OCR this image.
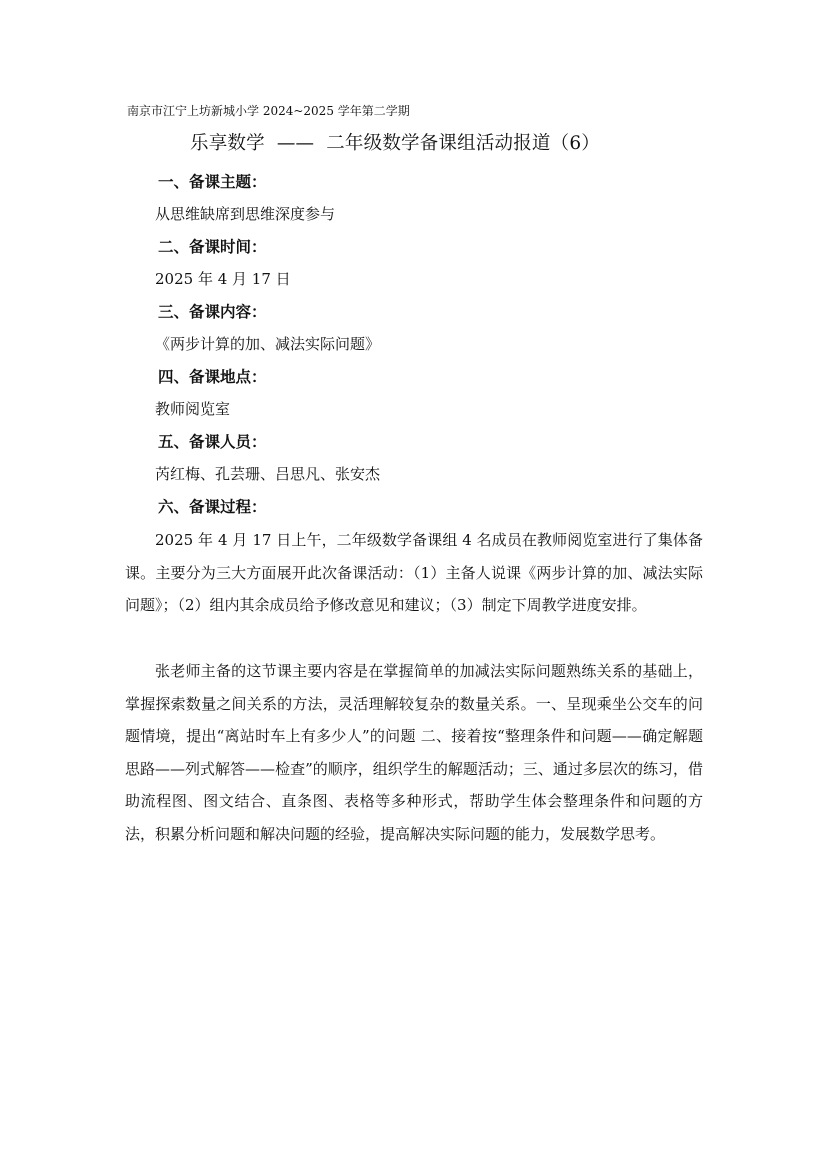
南京市江宁上坊新城小学 2024~2025 学年第二学期
乐享数学 —— 二年级数学备课组活动报道（6）
一、备课主题：
从思维缺席到思维深度参与
二、备课时间：
2025 年 4 月 17 日
三、备课内容：
《两步计算的加、减法实际问题》
四、备课地点：
教师阅览室
五、备课人员：
芮红梅、孔芸珊、吕思凡、张安杰
六、备课过程：

2025 年 4 月 17 日上午，二年级数学备课组 4 名成员在教师阅览室进行了集体备课。主要分为三大方面展开此次备课活动：（1）主备人说课《两步计算的加、减法实际问题》；（2）组内其余成员给予修改意见和建议；（3）制定下周教学进度安排。

张老师主备的这节课主要内容是在掌握简单的加减法实际问题熟练关系的基础上，掌握探索数量之间关系的方法，灵活理解较复杂的数量关系。一、呈现乘坐公交车的问题情境，提出“离站时车上有多少人”的问题 二、接着按“整理条件和问题——确定解题思路——列式解答——检查”的顺序，组织学生的解题活动；三、通过多层次的练习，借助流程图、图文结合、直条图、表格等多种形式，帮助学生体会整理条件和问题的方法，积累分析问题和解决问题的经验，提高解决实际问题的能力，发展数学思考。
